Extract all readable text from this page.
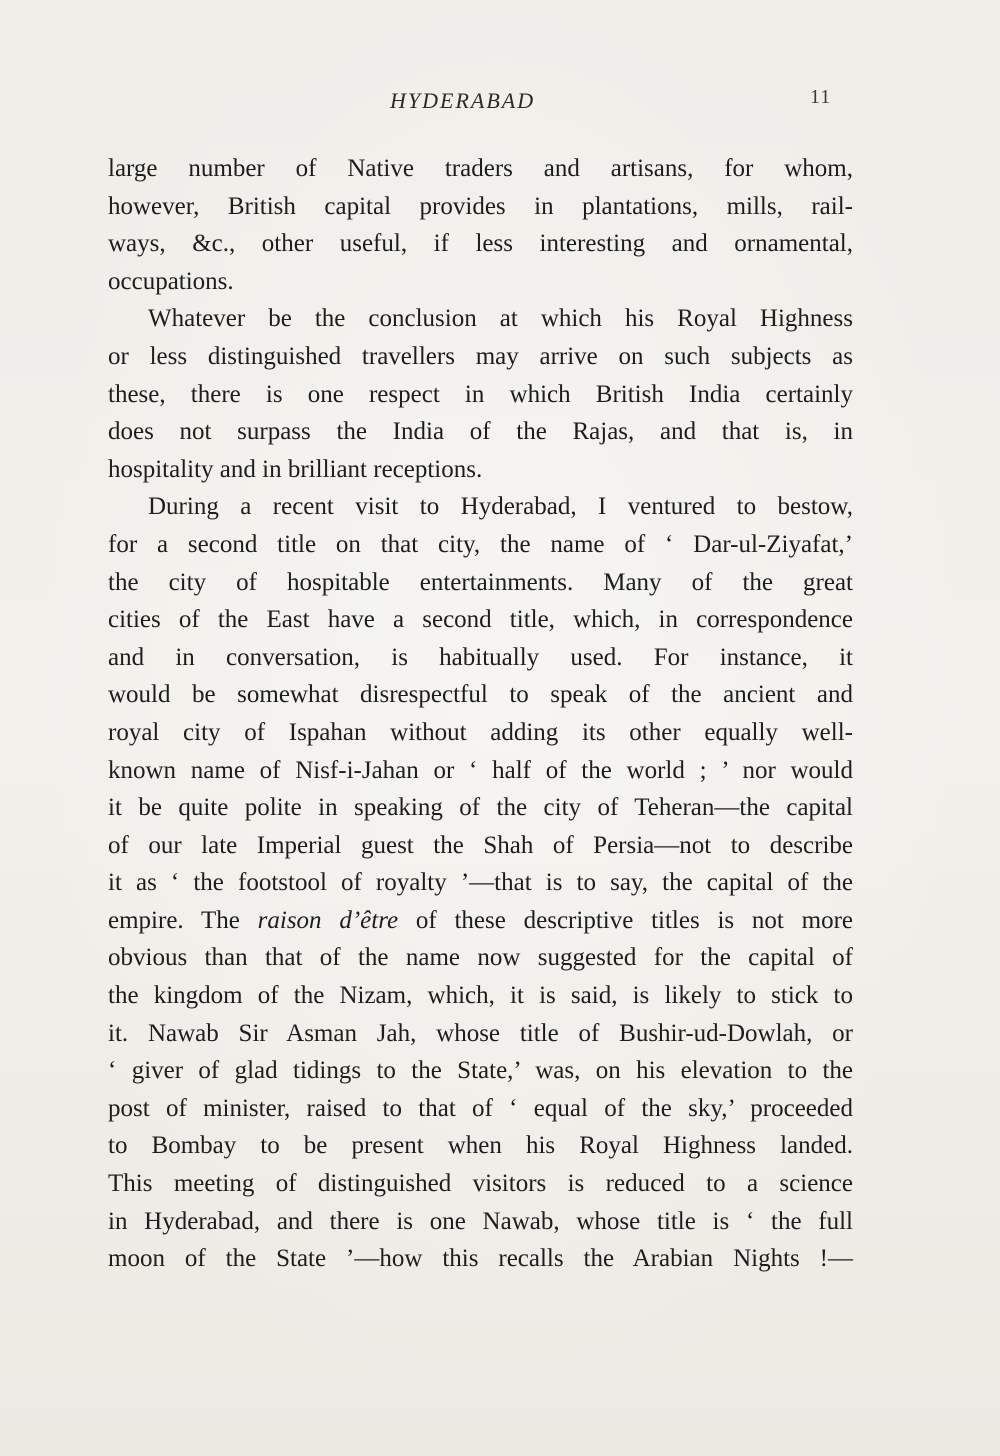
HYDERABAD	11

large number of Native traders and artisans, for whom,
however, British capital provides in plantations, mills, rail-
ways, &c., other useful, if less interesting and ornamental,
occupations.

Whatever be the conclusion at which his Royal Highness
or less distinguished travellers may arrive on such subjects as
these, there is one respect in which British India certainly
does not surpass the India of the Rajas, and that is, in
hospitality and in brilliant receptions.

During a recent visit to Hyderabad, I ventured to bestow,
for a second title on that city, the name of ‘ Dar-ul-Ziyafat,’
the city of hospitable entertainments. Many of the great
cities of the East have a second title, which, in correspondence
and in conversation, is habitually used. For instance, it
would be somewhat disrespectful to speak of the ancient and
royal city of Ispahan without adding its other equally well-
known name of Nisf-i-Jahan or ‘ half of the world ; ’ nor would
it be quite polite in speaking of the city of Teheran—the capital
of our late Imperial guest the Shah of Persia—not to describe
it as ‘ the footstool of royalty ’—that is to say, the capital of the
empire. The raison d’être of these descriptive titles is not more
obvious than that of the name now suggested for the capital of
the kingdom of the Nizam, which, it is said, is likely to stick to
it. Nawab Sir Asman Jah, whose title of Bushir-ud-Dowlah, or
‘ giver of glad tidings to the State,’ was, on his elevation to the
post of minister, raised to that of ‘ equal of the sky,’ proceeded
to Bombay to be present when his Royal Highness landed.
This meeting of distinguished visitors is reduced to a science
in Hyderabad, and there is one Nawab, whose title is ‘ the full
moon of the State ’—how this recalls the Arabian Nights !—
